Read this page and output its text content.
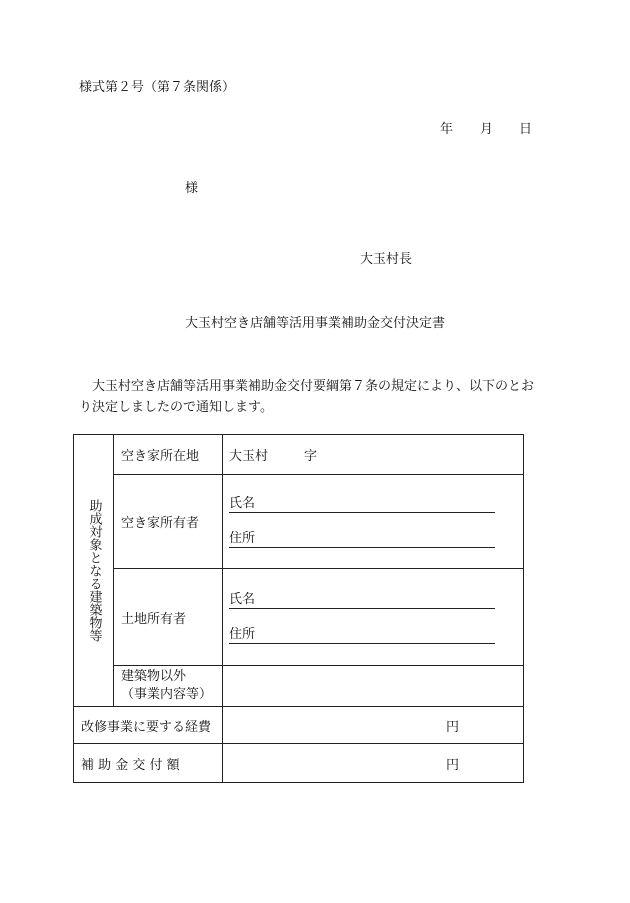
様式第２号（第７条関係）
年 月 日
様
大玉村長
大玉村空き店舗等活用事業補助金交付決定書
大玉村空き店舗等活用事業補助金交付要綱第７条の規定により、以下のとお
り決定しましたので通知します。
助成対象となる建築物等	空き家所在地	大玉村 字
	空き家所有者	氏名
住所

	土地所有者	氏名
住所

	建築物以外
（事業内容等）	

改修事業に要する経費		円
補 助 金 交 付 額		円
